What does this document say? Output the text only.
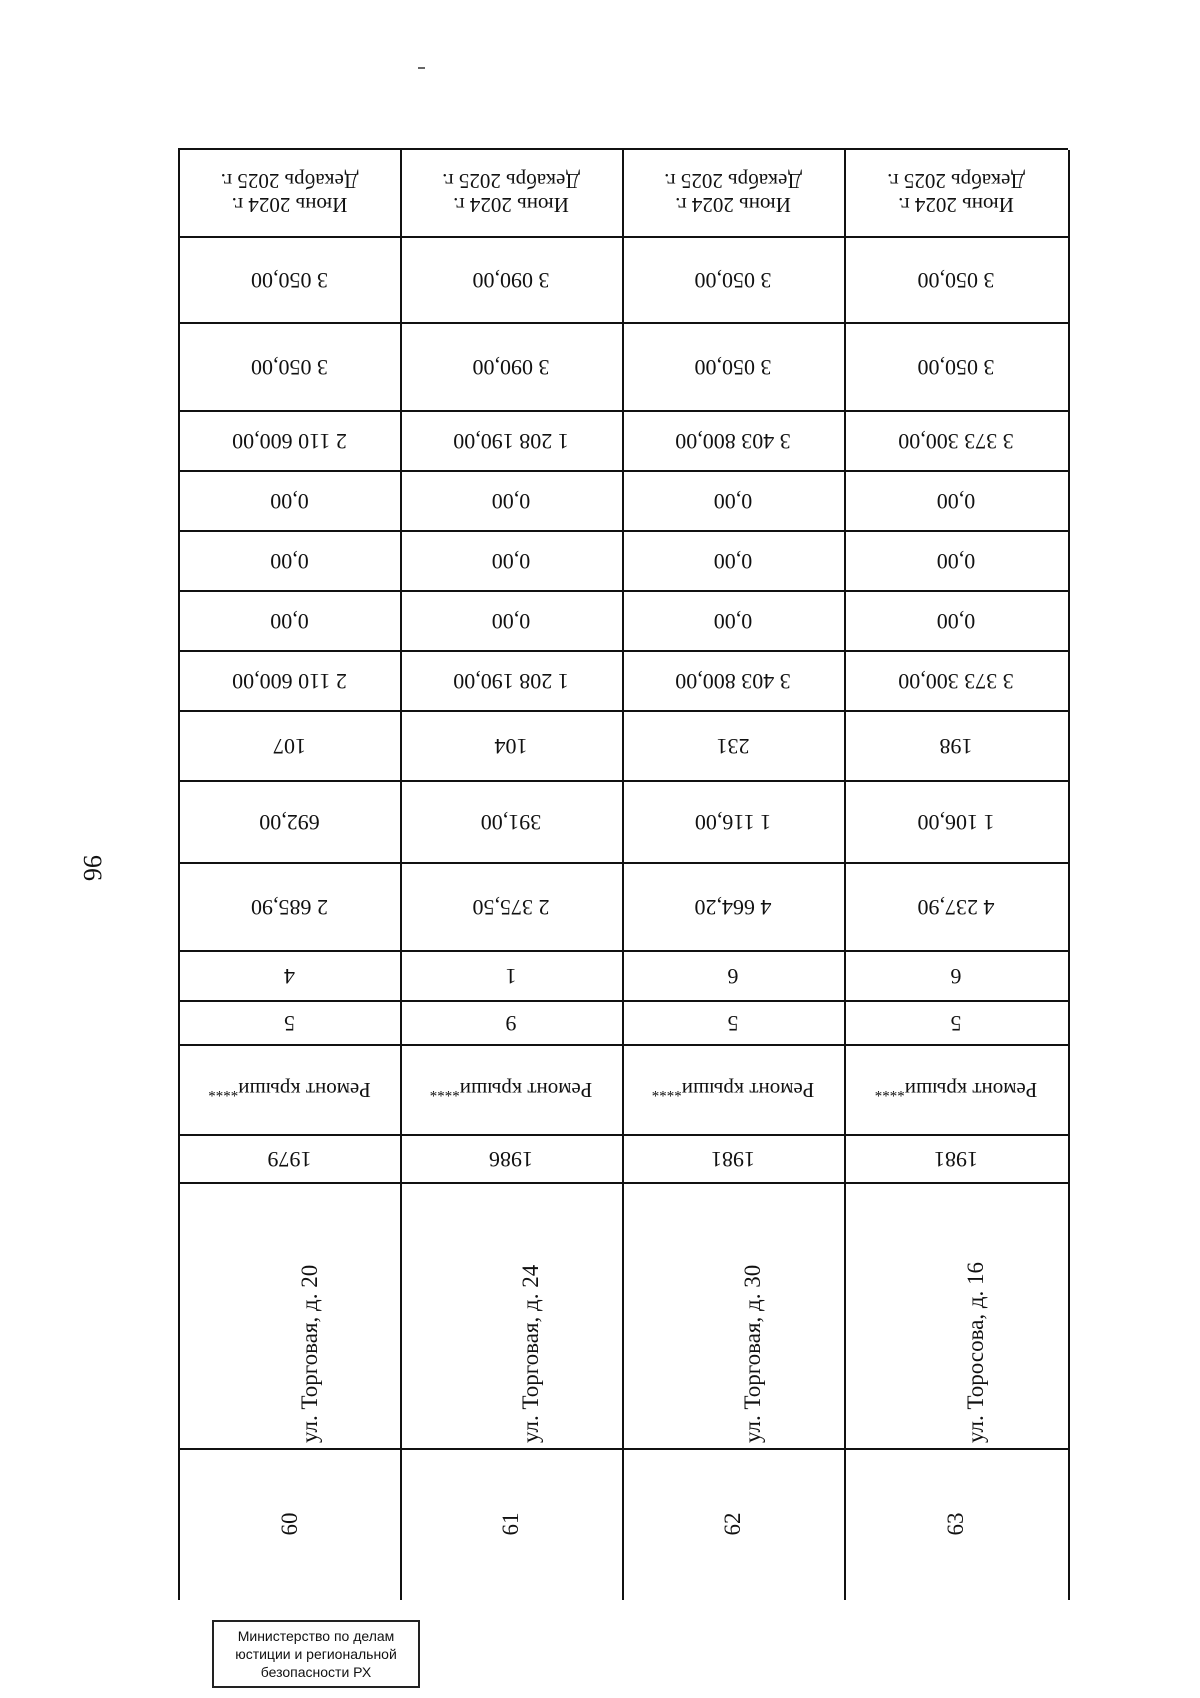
96
Июнь 2024 г.
Декабрь 2025 г.
3 050,00
3 050,00
2 110 600,00
0,00
0,00
0,00
2 110 600,00
107
692,00
2 685,90
4
5
Ремонт крыши
****
1979
ул. Торговая, д. 20
60
Июнь 2024 г.
Декабрь 2025 г.
3 090,00
3 090,00
1 208 190,00
0,00
0,00
0,00
1 208 190,00
104
391,00
2 375,50
1
9
Ремонт крыши
****
1986
ул. Торговая, д. 24
61
Июнь 2024 г.
Декабрь 2025 г.
3 050,00
3 050,00
3 403 800,00
0,00
0,00
0,00
3 403 800,00
231
1 116,00
4 664,20
6
5
Ремонт крыши
****
1981
ул. Торговая, д. 30
62
Июнь 2024 г.
Декабрь 2025 г.
3 050,00
3 050,00
3 373 300,00
0,00
0,00
0,00
3 373 300,00
198
1 106,00
4 237,90
6
5
Ремонт крыши
****
1981
ул. Торосова, д. 16
63
Министерство по делам
юстиции и региональной
безопасности РХ
